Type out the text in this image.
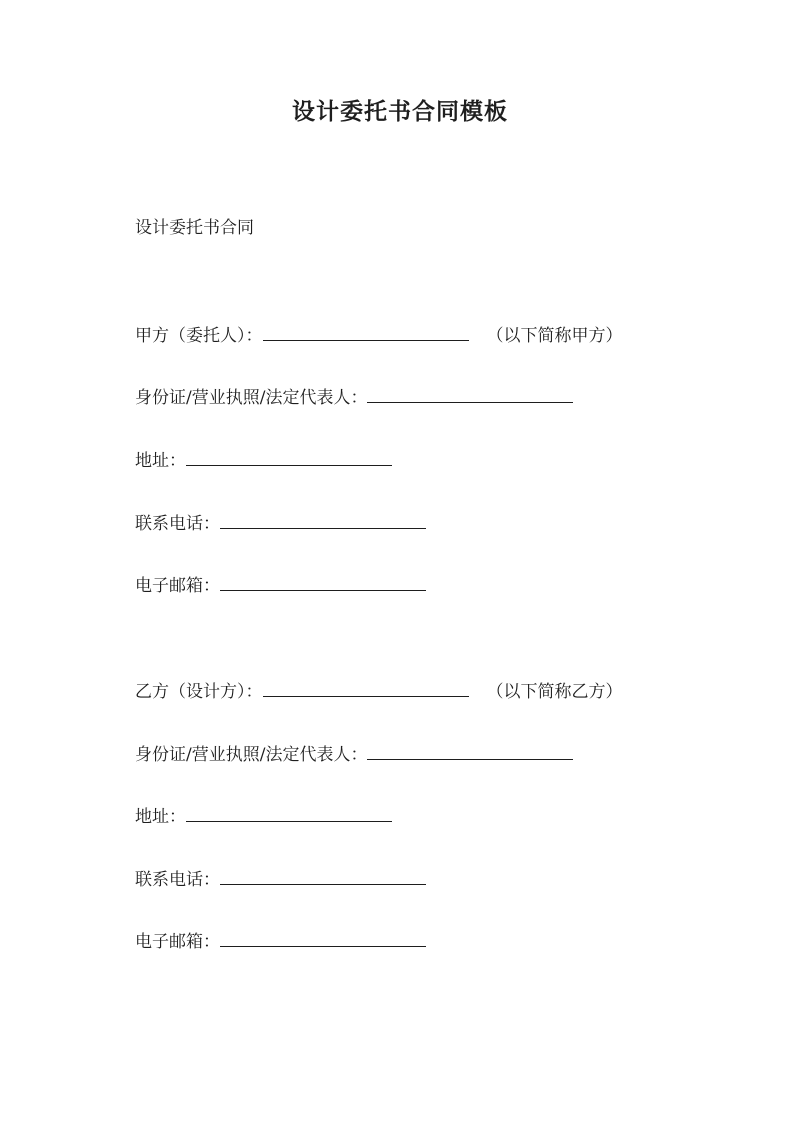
设计委托书合同模板
设计委托书合同
甲方（委托人）：	（以下简称甲方）
身份证/营业执照/法定代表人：
地址：
联系电话：
电子邮箱：
乙方（设计方）：	（以下简称乙方）
身份证/营业执照/法定代表人：
地址：
联系电话：
电子邮箱：
